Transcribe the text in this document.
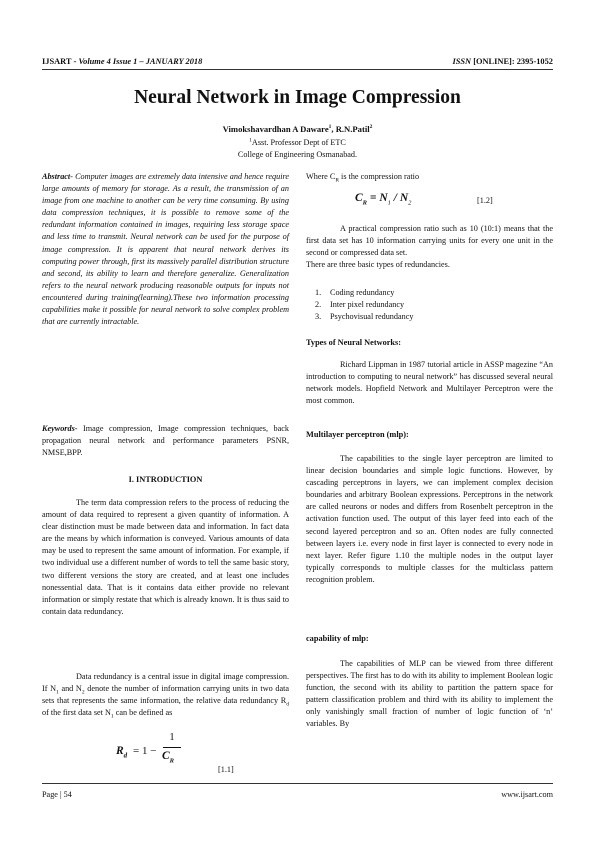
IJSART - Volume 4 Issue 1 – JANUARY 2018	ISSN [ONLINE]: 2395-1052
Neural Network in Image Compression
Vimokshavardhan A Daware$^1$, R.N.Patil$^2$
$^1$Asst. Professor Dept of ETC
College of Engineering Osmanabad.

Abstract- Computer images are extremely data intensive and hence require large amounts of memory for storage. As a result, the transmission of an image from one machine to another can be very time consuming. By using data compression techniques, it is possible to remove some of the redundant information contained in images, requiring less storage space and less time to transmit. Neural network can be used for the purpose of image compression. It is apparent that neural network derives its computing power through, first its massively parallel distribution structure and second, its ability to learn and therefore generalize. Generalization refers to the neural network producing reasonable outputs for inputs not encountered during training(learning).These two information processing capabilities make it possible for neural network to solve complex problem that are currently intractable.

Keywords- Image compression, Image compression techniques, back propagation neural network and performance parameters PSNR, NMSE,BPP.

I. INTRODUCTION

The term data compression refers to the process of reducing the amount of data required to represent a given quantity of information. A clear distinction must be made between data and information. In fact data are the means by which information is conveyed. Various amounts of data may be used to represent the same amount of information. For example, if two individual use a different number of words to tell the same basic story, two different versions the story are created, and at least one includes nonessential data. That is it contains data either provide no relevant information or simply restate that which is already known. It is thus said to contain data redundancy.

Data redundancy is a central issue in digital image compression. If $N_1$ and $N_2$ denote the number of information carrying units in two data sets that represents the same information, the relative data redundancy $R_d$ of the first data set $N_1$ can be defined as

$R_d = 1$ −
1
$C_R$
[1.1]

Where $C_R$ is the compression ratio

$C_R = N_1 / N_2$	[1.2]

A practical compression ratio such as 10 (10:1) means that the first data set has 10 information carrying units for every one unit in the second or compressed data set.

There are three basic types of redundancies.

1. Coding redundancy
2. Inter pixel redundancy
3. Psychovisual redundancy
Types of Neural Networks:

Richard Lippman in 1987 tutorial article in ASSP magezine “An introduction to computing to neural network” has discussed several neural network models. Hopfield Network and Multilayer Perceptron were the most common.

Multilayer perceptron (mlp):

The capabilities to the single layer perceptron are limited to linear decision boundaries and simple logic functions. However, by cascading perceptrons in layers, we can implement complex decision boundaries and arbitrary Boolean expressions. Perceptrons in the network are called neurons or nodes and differs from Rosenbelt perceptron in the activation function used. The output of this layer feed into each of the second layered perceptron and so an. Often nodes are fully connected between layers i.e. every node in first layer is connected to every node in next layer. Refer figure 1.10 the multiple nodes in the output layer typically corresponds to multiple classes for the multiclass pattern recognition problem.

capability of mlp:

The capabilities of MLP can be viewed from three different perspectives. The first has to do with its ability to implement Boolean logic function, the second with its ability to partition the pattern space for pattern classification problem and third with its ability to implement the only vanishingly small fraction of number of logic function of ‘n’ variables. By

Page | 54	www.ijsart.com
